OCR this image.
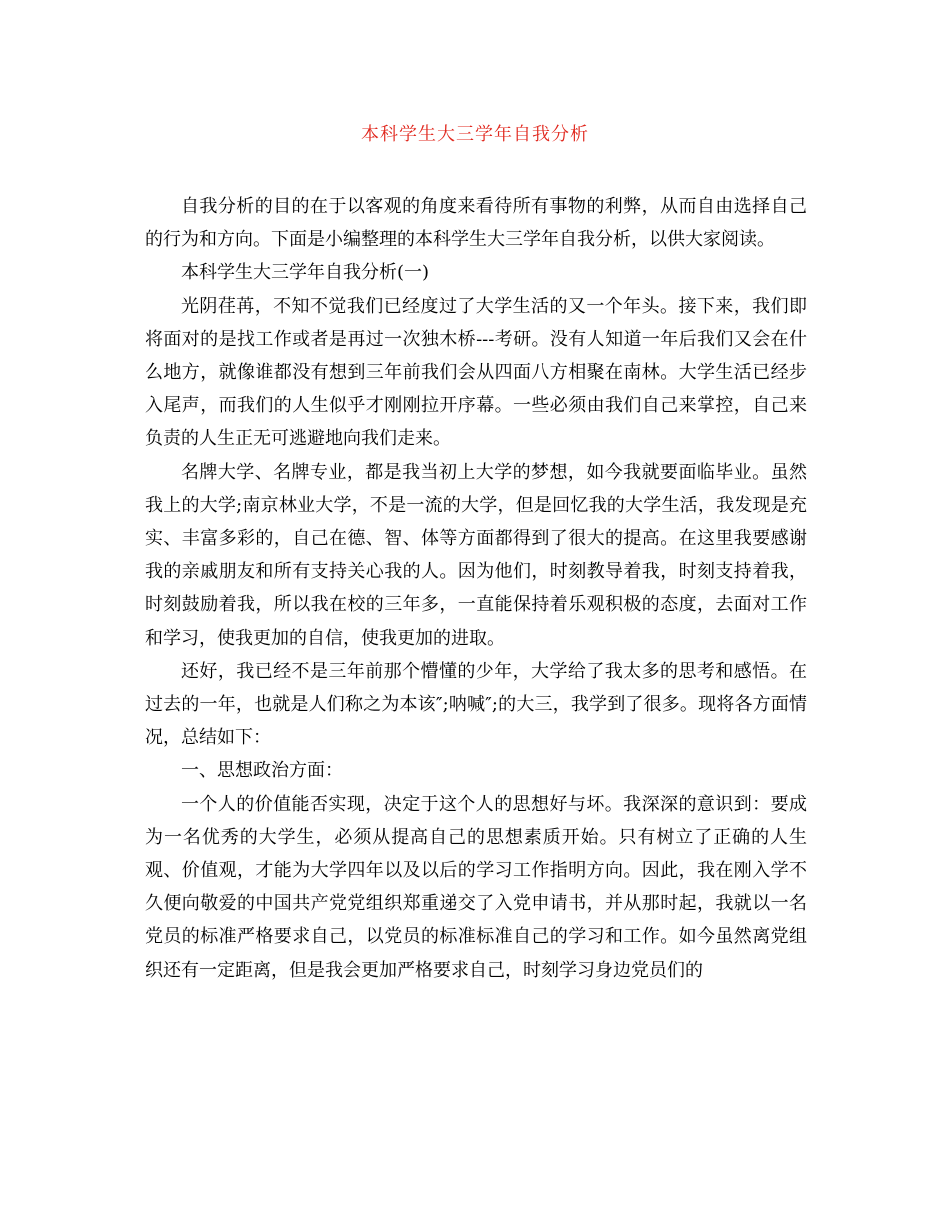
本科学生大三学年自我分析

自我分析的目的在于以客观的角度来看待所有事物的利弊，从而自由选择自己的行为和方向。下面是小编整理的本科学生大三学年自我分析，以供大家阅读。

本科学生大三学年自我分析(一)

光阴荏苒，不知不觉我们已经度过了大学生活的又一个年头。接下来，我们即将面对的是找工作或者是再过一次独木桥---考研。没有人知道一年后我们又会在什么地方，就像谁都没有想到三年前我们会从四面八方相聚在南林。大学生活已经步入尾声，而我们的人生似乎才刚刚拉开序幕。一些必须由我们自己来掌控，自己来负责的人生正无可逃避地向我们走来。

名牌大学、名牌专业，都是我当初上大学的梦想，如今我就要面临毕业。虽然我上的大学;南京林业大学，不是一流的大学，但是回忆我的大学生活，我发现是充实、丰富多彩的，自己在德、智、体等方面都得到了很大的提高。在这里我要感谢我的亲戚朋友和所有支持关心我的人。因为他们，时刻教导着我，时刻支持着我，时刻鼓励着我，所以我在校的三年多，一直能保持着乐观积极的态度，去面对工作和学习，使我更加的自信，使我更加的进取。

还好，我已经不是三年前那个懵懂的少年，大学给了我太多的思考和感悟。在过去的一年，也就是人们称之为本该″;呐喊″;的大三，我学到了很多。现将各方面情况，总结如下：

一、思想政治方面：

一个人的价值能否实现，决定于这个人的思想好与坏。我深深的意识到：要成为一名优秀的大学生，必须从提高自己的思想素质开始。只有树立了正确的人生观、价值观，才能为大学四年以及以后的学习工作指明方向。因此，我在刚入学不久便向敬爱的中国共产党党组织郑重递交了入党申请书，并从那时起，我就以一名党员的标准严格要求自己，以党员的标准标准自己的学习和工作。如今虽然离党组织还有一定距离，但是我会更加严格要求自己，时刻学习身边党员们的
